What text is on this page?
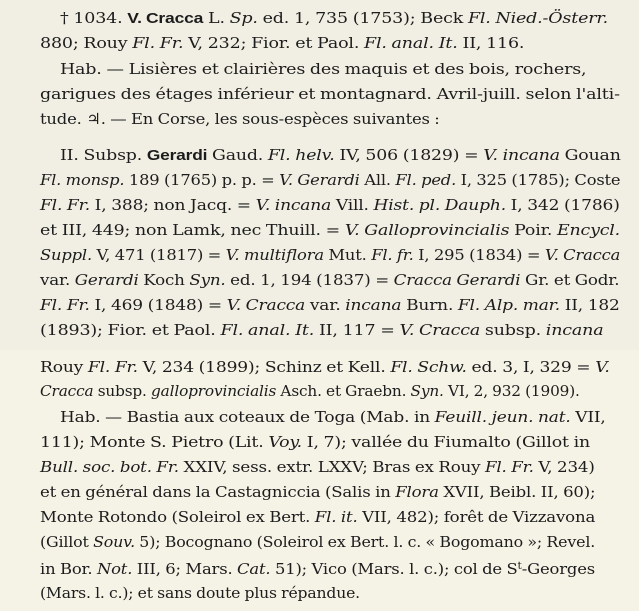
† 1034. V. Cracca L. Sp. ed. 1, 735 (1753); Beck Fl. Nied.-Österr.
880; Rouy Fl. Fr. V, 232; Fior. et Paol. Fl. anal. It. II, 116.
Hab. — Lisières et clairières des maquis et des bois, rochers,
garigues des étages inférieur et montagnard. Avril-juill. selon l'alti-
tude. ♃. — En Corse, les sous-espèces suivantes :
II. Subsp. Gerardi Gaud. Fl. helv. IV, 506 (1829) = V. incana Gouan
Fl. monsp. 189 (1765) p. p. = V. Gerardi All. Fl. ped. I, 325 (1785); Coste
Fl. Fr. I, 388; non Jacq. = V. incana Vill. Hist. pl. Dauph. I, 342 (1786)
et III, 449; non Lamk, nec Thuill. = V. Galloprovincialis Poir. Encycl.
Suppl. V, 471 (1817) = V. multiflora Mut. Fl. fr. I, 295 (1834) = V. Cracca
var. Gerardi Koch Syn. ed. 1, 194 (1837) = Cracca Gerardi Gr. et Godr.
Fl. Fr. I, 469 (1848) = V. Cracca var. incana Burn. Fl. Alp. mar. II, 182
(1893); Fior. et Paol. Fl. anal. It. II, 117 = V. Cracca subsp. incana
Rouy Fl. Fr. V, 234 (1899); Schinz et Kell. Fl. Schw. ed. 3, I, 329 = V.
Cracca subsp. galloprovincialis Asch. et Graebn. Syn. VI, 2, 932 (1909).
Hab. — Bastia aux coteaux de Toga (Mab. in Feuill. jeun. nat. VII,
111); Monte S. Pietro (Lit. Voy. I, 7); vallée du Fiumalto (Gillot in
Bull. soc. bot. Fr. XXIV, sess. extr. LXXV; Bras ex Rouy Fl. Fr. V, 234)
et en général dans la Castagniccia (Salis in Flora XVII, Beibl. II, 60);
Monte Rotondo (Soleirol ex Bert. Fl. it. VII, 482); forêt de Vizzavona
(Gillot Souv. 5); Bocognano (Soleirol ex Bert. l. c. « Bogomano »; Revel.
in Bor. Not. III, 6; Mars. Cat. 51); Vico (Mars. l. c.); col de $S^t$-Georges
(Mars. l. c.); et sans doute plus répandue.
